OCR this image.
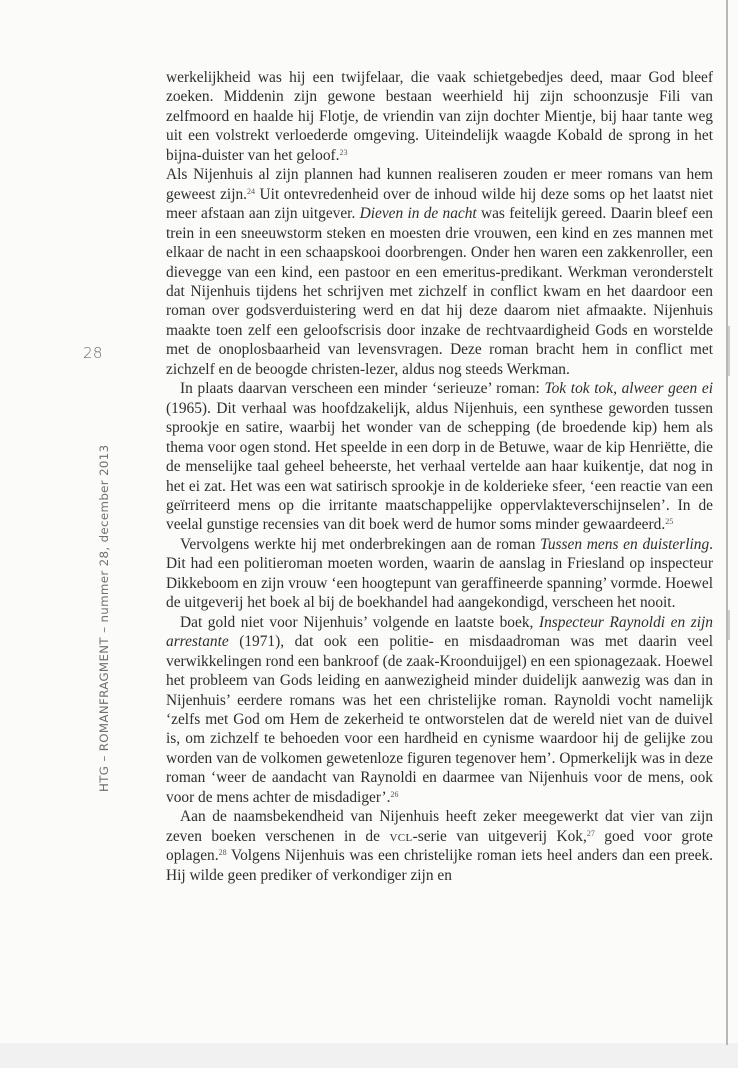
28
HTG – ROMANFRAGMENT – nummer 28, december 2013

werkelijkheid was hij een twijfelaar, die vaak schietgebedjes deed, maar God bleef zoeken. Middenin zijn gewone bestaan weerhield hij zijn schoonzusje Fili van zelfmoord en haalde hij Flotje, de vriendin van zijn dochter Mientje, bij haar tante weg uit een volstrekt verloederde omgeving. Uiteindelijk waagde Kobald de sprong in het bijna-duister van het geloof.$^{23}$

Als Nijenhuis al zijn plannen had kunnen realiseren zouden er meer romans van hem geweest zijn.$^{24}$ Uit ontevredenheid over de inhoud wilde hij deze soms op het laatst niet meer afstaan aan zijn uitgever. Dieven in de nacht was feitelijk gereed. Daarin bleef een trein in een sneeuwstorm steken en moesten drie vrouwen, een kind en zes mannen met elkaar de nacht in een schaapskooi doorbrengen. Onder hen waren een zakkenroller, een dievegge van een kind, een pastoor en een emeritus-predikant. Werkman veronderstelt dat Nijenhuis tijdens het schrijven met zichzelf in conflict kwam en het daardoor een roman over godsverduistering werd en dat hij deze daarom niet afmaakte. Nijenhuis maakte toen zelf een geloofscrisis door inzake de rechtvaardigheid Gods en worstelde met de onoplosbaarheid van levensvragen. Deze roman bracht hem in conflict met zichzelf en de beoogde christen-lezer, aldus nog steeds Werkman.

In plaats daarvan verscheen een minder ‘serieuze’ roman: Tok tok tok, alweer geen ei (1965). Dit verhaal was hoofdzakelijk, aldus Nijenhuis, een synthese geworden tussen sprookje en satire, waarbij het wonder van de schepping (de broedende kip) hem als thema voor ogen stond. Het speelde in een dorp in de Betuwe, waar de kip Henriëtte, die de menselijke taal geheel beheerste, het verhaal vertelde aan haar kuikentje, dat nog in het ei zat. Het was een wat satirisch sprookje in de kolderieke sfeer, ‘een reactie van een geïrriteerd mens op die irritante maatschappelijke oppervlakteverschijnselen’. In de veelal gunstige recensies van dit boek werd de humor soms minder gewaardeerd.$^{25}$

Vervolgens werkte hij met onderbrekingen aan de roman Tussen mens en duisterling. Dit had een politieroman moeten worden, waarin de aanslag in Friesland op inspecteur Dikkeboom en zijn vrouw ‘een hoogtepunt van geraffineerde spanning’ vormde. Hoewel de uitgeverij het boek al bij de boekhandel had aangekondigd, verscheen het nooit.

Dat gold niet voor Nijenhuis’ volgende en laatste boek, Inspecteur Raynoldi en zijn arrestante (1971), dat ook een politie- en misdaadroman was met daarin veel verwikkelingen rond een bankroof (de zaak-Kroonduijgel) en een spionagezaak. Hoewel het probleem van Gods leiding en aanwezigheid minder duidelijk aanwezig was dan in Nijenhuis’ eerdere romans was het een christelijke roman. Raynoldi vocht namelijk ‘zelfs met God om Hem de zekerheid te ontworstelen dat de wereld niet van de duivel is, om zichzelf te behoeden voor een hardheid en cynisme waardoor hij de gelijke zou worden van de volkomen gewetenloze figuren tegenover hem’. Opmerkelijk was in deze roman ‘weer de aandacht van Raynoldi en daarmee van Nijenhuis voor de mens, ook voor de mens achter de misdadiger’.$^{26}$

Aan de naamsbekendheid van Nijenhuis heeft zeker meegewerkt dat vier van zijn zeven boeken verschenen in de vcl-serie van uitgeverij Kok,$^{27}$ goed voor grote oplagen.$^{28}$ Volgens Nijenhuis was een christelijke roman iets heel anders dan een preek. Hij wilde geen prediker of verkondiger zijn en
